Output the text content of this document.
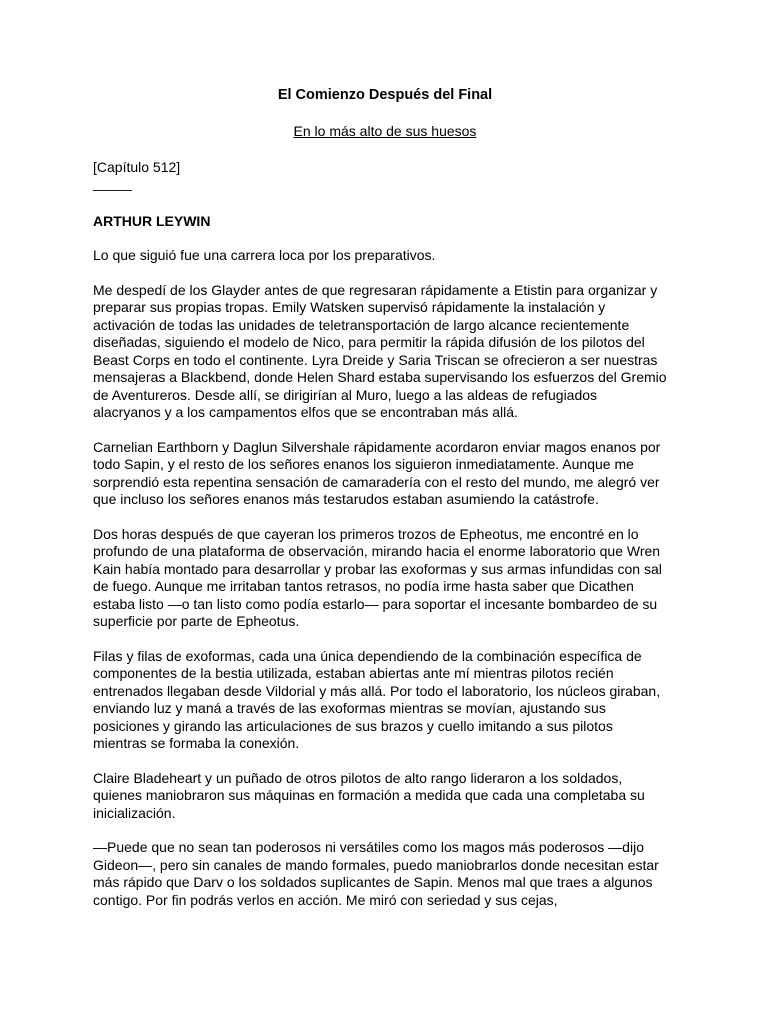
El Comienzo Después del Final

En lo más alto de sus huesos

[Capítulo 512]

_____

ARTHUR LEYWIN

Lo que siguió fue una carrera loca por los preparativos.

Me despedí de los Glayder antes de que regresaran rápidamente a Etistin para organizar y
preparar sus propias tropas. Emily Watsken supervisó rápidamente la instalación y
activación de todas las unidades de teletransportación de largo alcance recientemente
diseñadas, siguiendo el modelo de Nico, para permitir la rápida difusión de los pilotos del
Beast Corps en todo el continente. Lyra Dreide y Saria Triscan se ofrecieron a ser nuestras
mensajeras a Blackbend, donde Helen Shard estaba supervisando los esfuerzos del Gremio
de Aventureros. Desde allí, se dirigirían al Muro, luego a las aldeas de refugiados
alacryanos y a los campamentos elfos que se encontraban más allá.

Carnelian Earthborn y Daglun Silvershale rápidamente acordaron enviar magos enanos por
todo Sapin, y el resto de los señores enanos los siguieron inmediatamente. Aunque me
sorprendió esta repentina sensación de camaradería con el resto del mundo, me alegró ver
que incluso los señores enanos más testarudos estaban asumiendo la catástrofe.

Dos horas después de que cayeran los primeros trozos de Epheotus, me encontré en lo
profundo de una plataforma de observación, mirando hacia el enorme laboratorio que Wren
Kain había montado para desarrollar y probar las exoformas y sus armas infundidas con sal
de fuego. Aunque me irritaban tantos retrasos, no podía irme hasta saber que Dicathen
estaba listo —o tan listo como podía estarlo— para soportar el incesante bombardeo de su
superficie por parte de Epheotus.

Filas y filas de exoformas, cada una única dependiendo de la combinación específica de
componentes de la bestia utilizada, estaban abiertas ante mí mientras pilotos recién
entrenados llegaban desde Vildorial y más allá. Por todo el laboratorio, los núcleos giraban,
enviando luz y maná a través de las exoformas mientras se movían, ajustando sus
posiciones y girando las articulaciones de sus brazos y cuello imitando a sus pilotos
mientras se formaba la conexión.

Claire Bladeheart y un puñado de otros pilotos de alto rango lideraron a los soldados,
quienes maniobraron sus máquinas en formación a medida que cada una completaba su
inicialización.

—Puede que no sean tan poderosos ni versátiles como los magos más poderosos —dijo
Gideon—, pero sin canales de mando formales, puedo maniobrarlos donde necesitan estar
más rápido que Darv o los soldados suplicantes de Sapin. Menos mal que traes a algunos
contigo. Por fin podrás verlos en acción. Me miró con seriedad y sus cejas,
